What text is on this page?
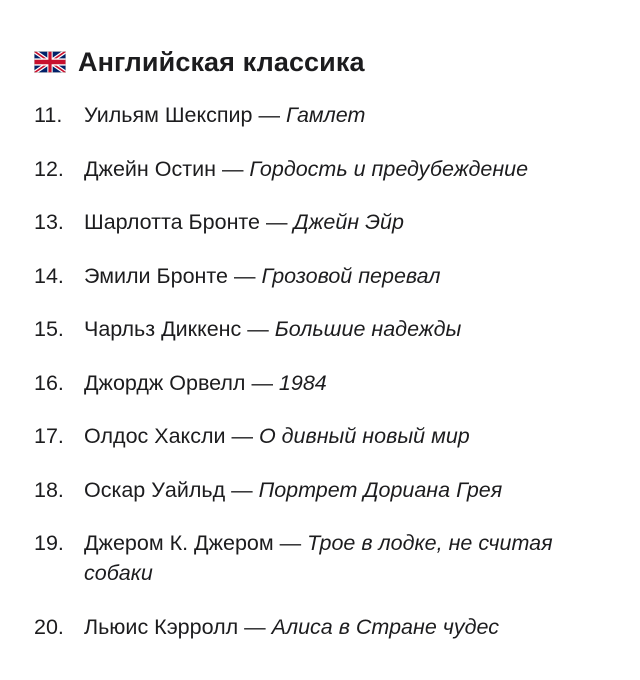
Английская классика
11.	Уильям Шекспир — Гамлет
12. Джейн Остин — Гордость и предубеждение
13. Шарлотта Бронте — Джейн Эйр
14. Эмили Бронте — Грозовой перевал
15. Чарльз Диккенс — Большие надежды
16. Джордж Орвелл — 1984
17. Олдос Хаксли — О дивный новый мир
18. Оскар Уайльд — Портрет Дориана Грея
19. Джером К. Джером — Трое в лодке, не считая собаки
20. Льюис Кэрролл — Алиса в Стране чудес
